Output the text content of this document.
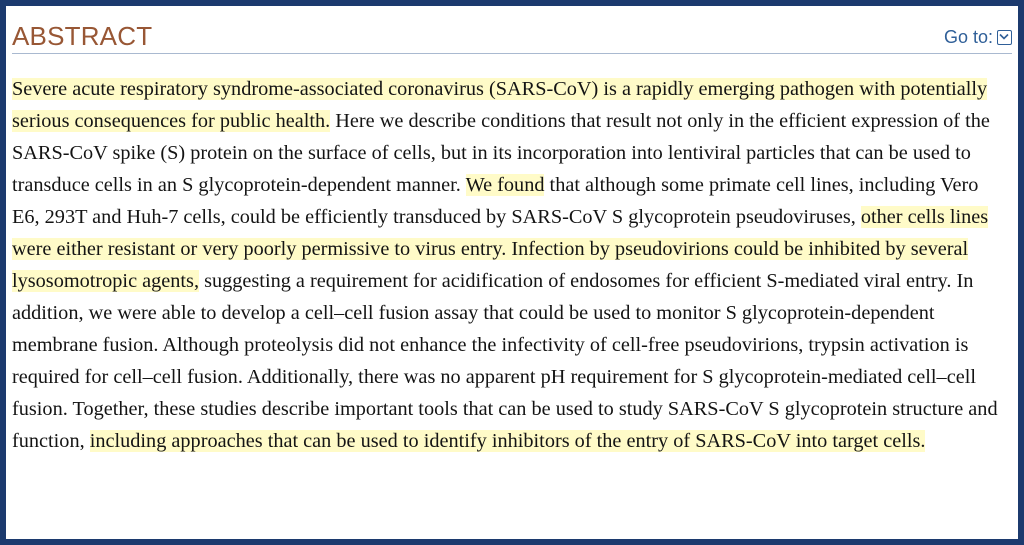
ABSTRACT	Go to:

Severe acute respiratory syndrome-associated coronavirus (SARS-CoV) is a rapidly emerging pathogen with potentially serious consequences for public health. Here we describe conditions that result not only in the efficient expression of the SARS-CoV spike (S) protein on the surface of cells, but in its incorporation into lentiviral particles that can be used to transduce cells in an S glycoprotein-dependent manner. We found that although some primate cell lines, including Vero E6, 293T and Huh-7 cells, could be efficiently transduced by SARS-CoV S glycoprotein pseudoviruses, other cells lines were either resistant or very poorly permissive to virus entry. Infection by pseudovirions could be inhibited by several lysosomotropic agents, suggesting a requirement for acidification of endosomes for efficient S-mediated viral entry. In addition, we were able to develop a cell–cell fusion assay that could be used to monitor S glycoprotein-dependent membrane fusion. Although proteolysis did not enhance the infectivity of cell-free pseudovirions, trypsin activation is required for cell–cell fusion. Additionally, there was no apparent pH requirement for S glycoprotein-mediated cell–cell fusion. Together, these studies describe important tools that can be used to study SARS-CoV S glycoprotein structure and function, including approaches that can be used to identify inhibitors of the entry of SARS-CoV into target cells.
